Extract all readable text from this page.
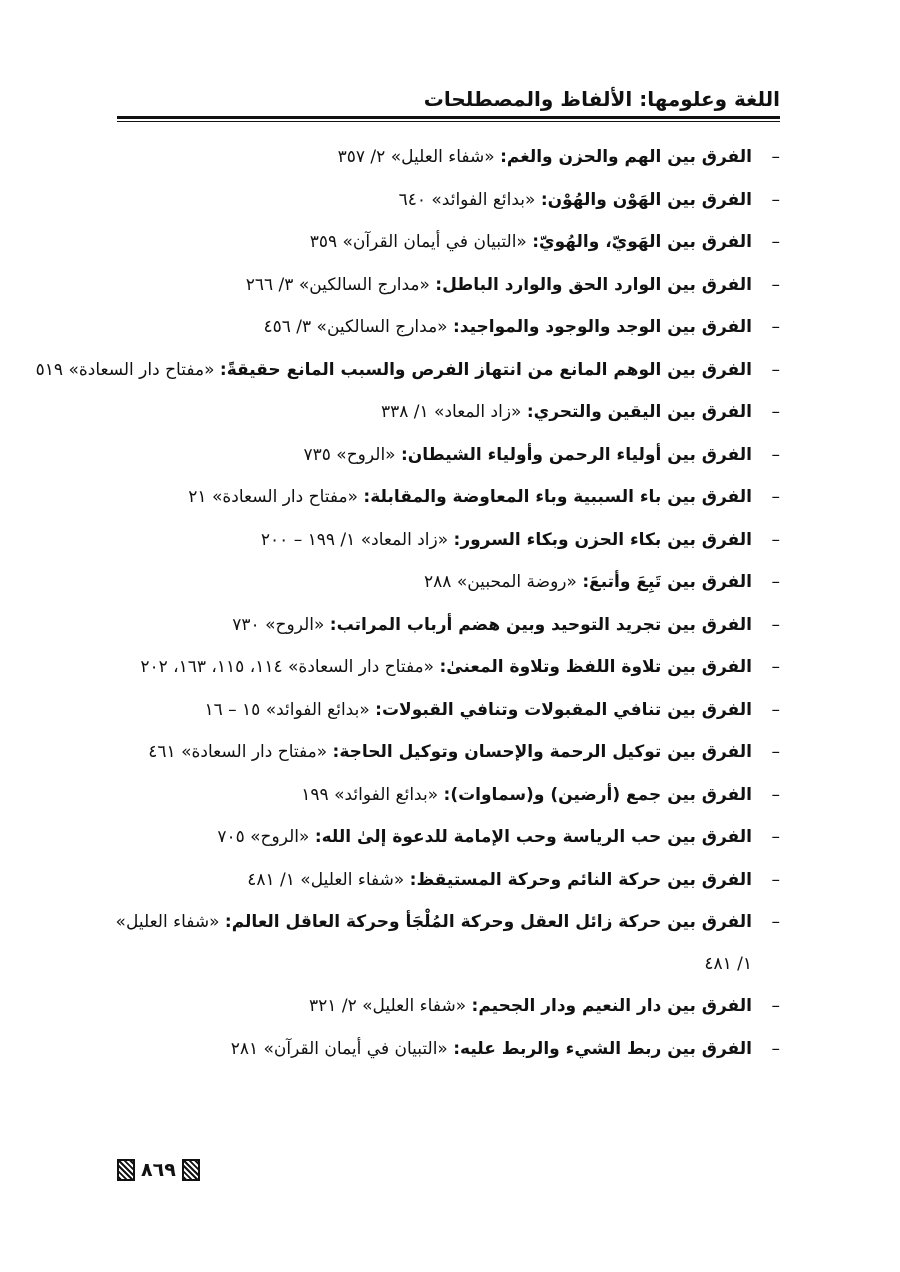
اللغة وعلومها: الألفاظ والمصطلحات
–
الفرق بين الهم والحزن والغم: «شفاء العليل» ٢/ ٣٥٧
–
الفرق بين الهَوْن والهُوْن: «بدائع الفوائد» ٦٤٠
–
الفرق بين الهَويّ، والهُويّ: «التبيان في أيمان القرآن» ٣٥٩
–
الفرق بين الوارد الحق والوارد الباطل: «مدارج السالكين» ٣/ ٢٦٦
–
الفرق بين الوجد والوجود والمواجيد: «مدارج السالكين» ٣/ ٤٥٦
–
الفرق بين الوهم المانع من انتهاز الفرص والسبب المانع حقيقةً: «مفتاح دار السعادة» ٥١٩
–
الفرق بين اليقين والتحري: «زاد المعاد» ١/ ٣٣٨
–
الفرق بين أولياء الرحمن وأولياء الشيطان: «الروح» ٧٣٥
–
الفرق بين باء السببية وباء المعاوضة والمقابلة: «مفتاح دار السعادة» ٢١
–
الفرق بين بكاء الحزن وبكاء السرور: «زاد المعاد» ١/ ١٩٩ – ٢٠٠
–
الفرق بين تَبِعَ وأتبعَ: «روضة المحبين» ٢٨٨
–
الفرق بين تجريد التوحيد وبين هضم أرباب المراتب: «الروح» ٧٣٠
–
الفرق بين تلاوة اللفظ وتلاوة المعنىٰ: «مفتاح دار السعادة» ١١٤، ١١٥، ١٦٣، ٢٠٢
–
الفرق بين تنافي المقبولات وتنافي القبولات: «بدائع الفوائد» ١٥ – ١٦
–
الفرق بين توكيل الرحمة والإحسان وتوكيل الحاجة: «مفتاح دار السعادة» ٤٦١
–
الفرق بين جمع (أرضين) و(سماوات): «بدائع الفوائد» ١٩٩
–
الفرق بين حب الرياسة وحب الإمامة للدعوة إلىٰ الله: «الروح» ٧٠٥
–
الفرق بين حركة النائم وحركة المستيقظ: «شفاء العليل» ١/ ٤٨١
–
الفرق بين حركة زائل العقل وحركة المُلْجَأ وحركة العاقل العالم: «شفاء العليل» ١/ ٤٨١
–
الفرق بين دار النعيم ودار الجحيم: «شفاء العليل» ٢/ ٣٢١
–
الفرق بين ربط الشيء والربط عليه: «التبيان في أيمان القرآن» ٢٨١
٨٦٩
